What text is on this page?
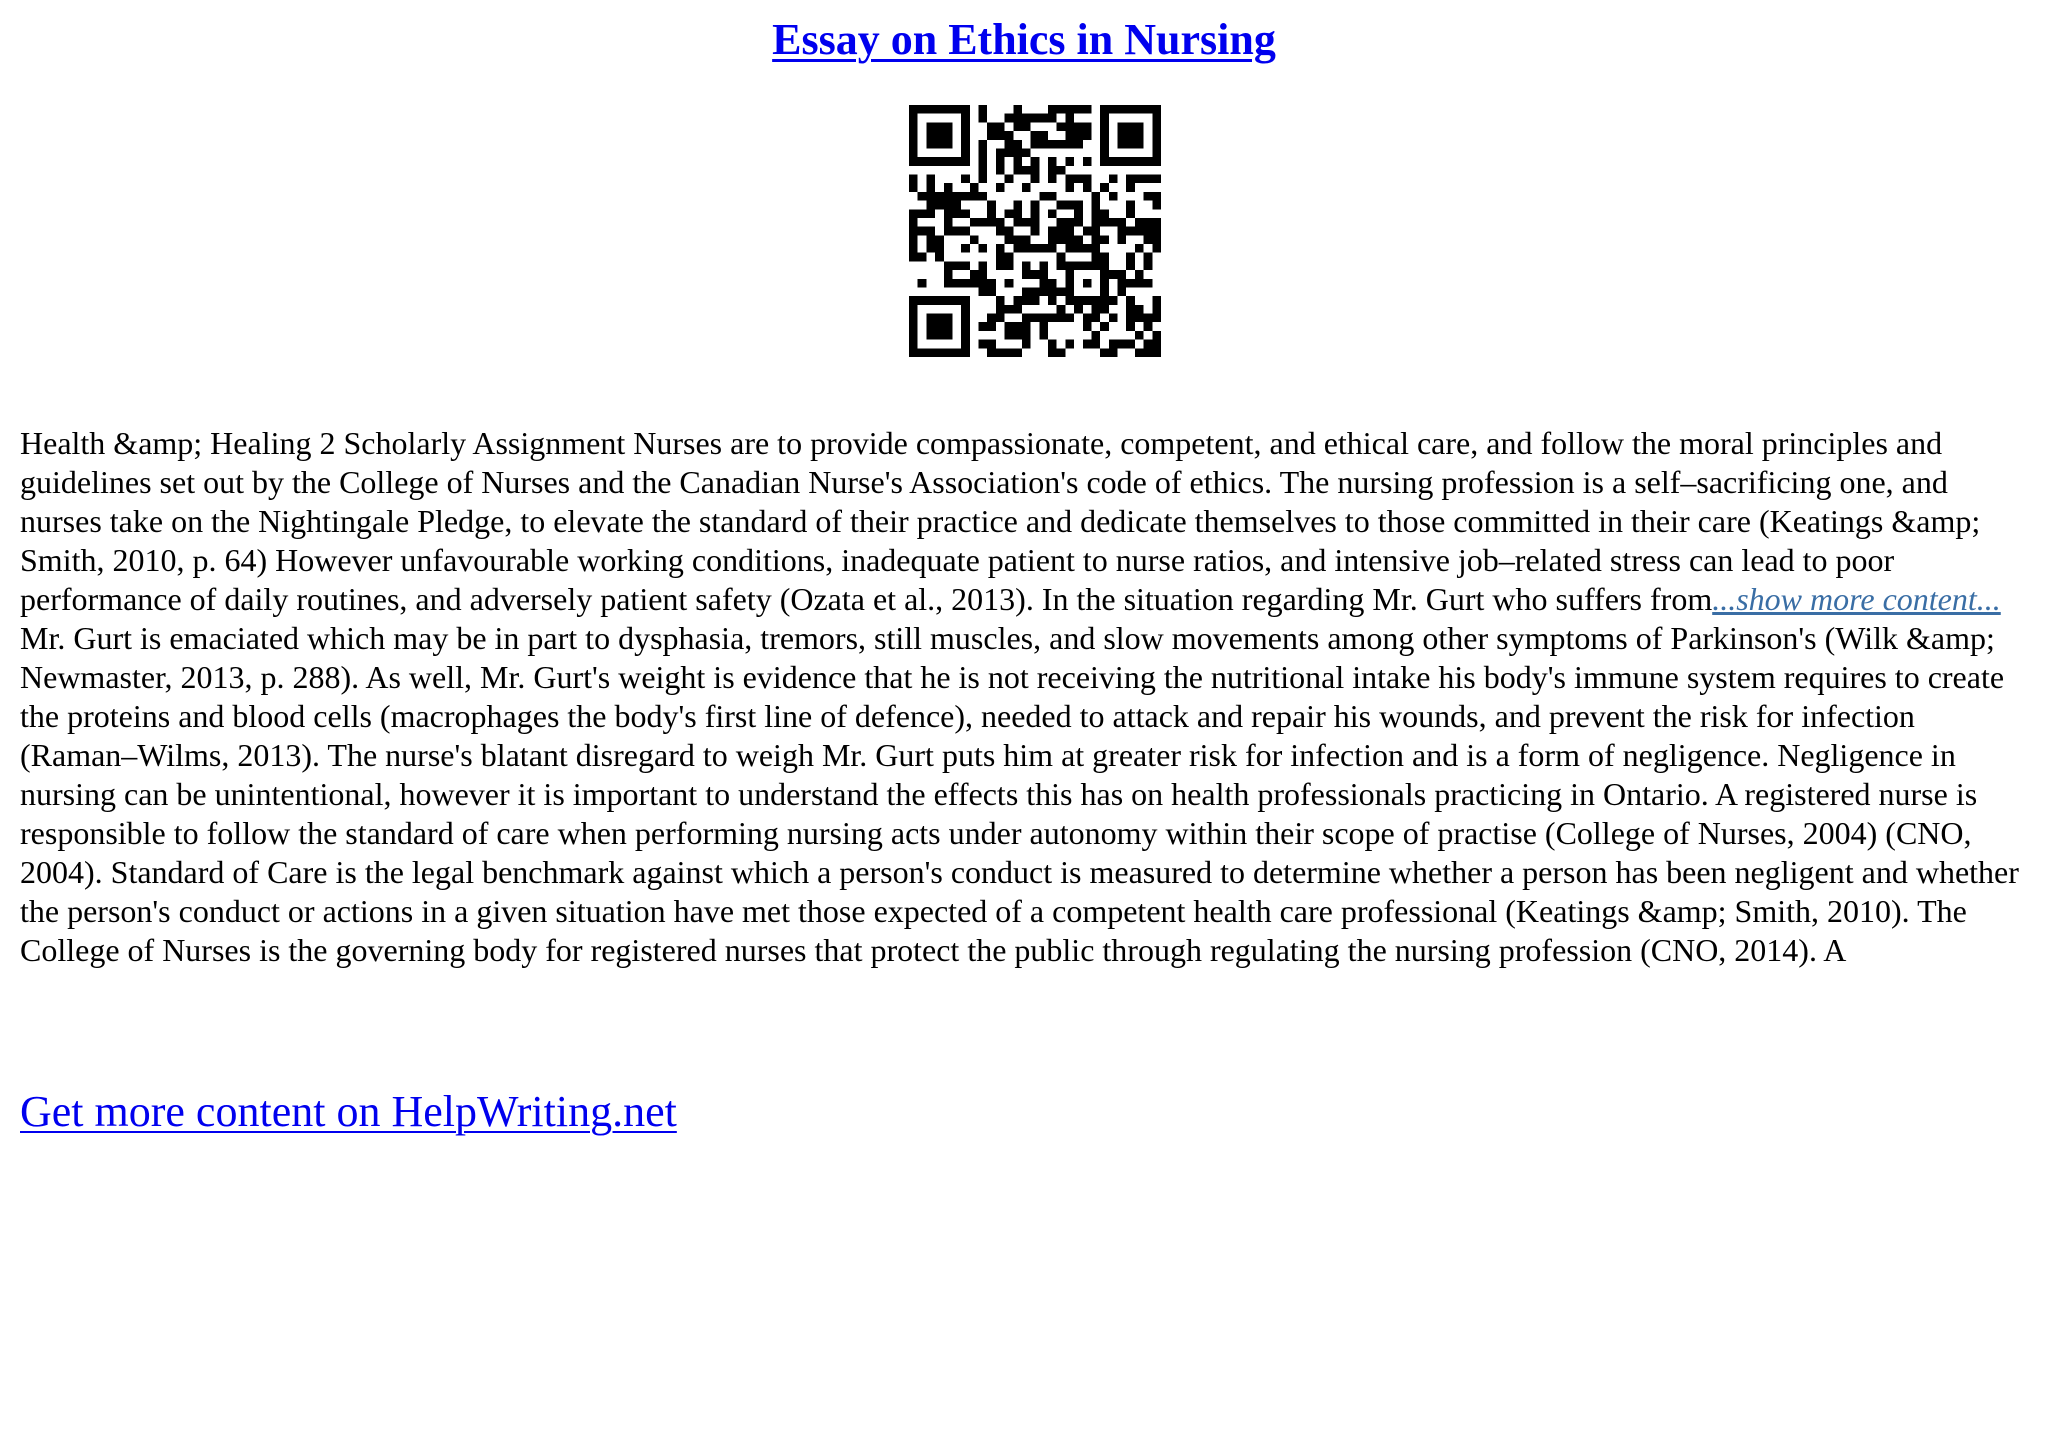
Essay on Ethics in Nursing

Health &amp; Healing 2 Scholarly Assignment Nurses are to provide compassionate, competent, and ethical care, and follow the moral principles and guidelines set out by the College of Nurses and the Canadian Nurse's Association's code of ethics. The nursing profession is a self–sacrificing one, and nurses take on the Nightingale Pledge, to elevate the standard of their practice and dedicate themselves to those committed in their care (Keatings &amp; Smith, 2010, p. 64) However unfavourable working conditions, inadequate patient to nurse ratios, and intensive job–related stress can lead to poor performance of daily routines, and adversely patient safety (Ozata et al., 2013). In the situation regarding Mr. Gurt who suffers from...show more content...

Mr. Gurt is emaciated which may be in part to dysphasia, tremors, still muscles, and slow movements among other symptoms of Parkinson's (Wilk &amp; Newmaster, 2013, p. 288). As well, Mr. Gurt's weight is evidence that he is not receiving the nutritional intake his body's immune system requires to create the proteins and blood cells (macrophages the body's first line of defence), needed to attack and repair his wounds, and prevent the risk for infection (Raman–Wilms, 2013). The nurse's blatant disregard to weigh Mr. Gurt puts him at greater risk for infection and is a form of negligence. Negligence in nursing can be unintentional, however it is important to understand the effects this has on health professionals practicing in Ontario. A registered nurse is responsible to follow the standard of care when performing nursing acts under autonomy within their scope of practise (College of Nurses, 2004) (CNO, 2004). Standard of Care is the legal benchmark against which a person's conduct is measured to determine whether a person has been negligent and whether the person's conduct or actions in a given situation have met those expected of a competent health care professional (Keatings &amp; Smith, 2010). The College of Nurses is the governing body for registered nurses that protect the public through regulating the nursing profession (CNO, 2014). A

Get more content on HelpWriting.net
